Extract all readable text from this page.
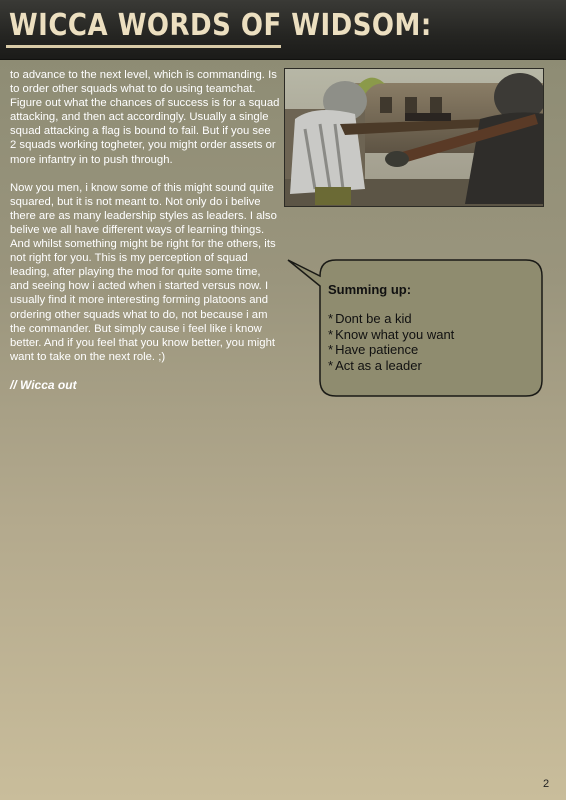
WICCA WORDS OF WIDSOM:

to advance to the next level, which is commanding. Is to order other squads what to do using teamchat. Figure out what the chances of success is for a squad attacking, and then act accordingly. Usually a single squad attacking a flag is bound to fail. But if you see 2 squads working togheter, you might order assets or more infantry in to push through.

Now you men, i know some of this might sound quite squared, but it is not meant to. Not only do i belive there are as many leadership styles as leaders. I also belive we all have different ways of learning things. And whilst something might be right for the others, its not right for you. This is my perception of squad leading, after playing the mod for quite some time, and seeing how i acted when i started versus now. I usually find it more interesting forming platoons and ordering other squads what to do, not because i am the commander. But simply cause i feel like i know better. And if you feel that you know better, you might want to take on the next role. ;)

// Wicca out
Summing up:
* Dont be a kid
* Know what you want
* Have patience
* Act as a leader
2
